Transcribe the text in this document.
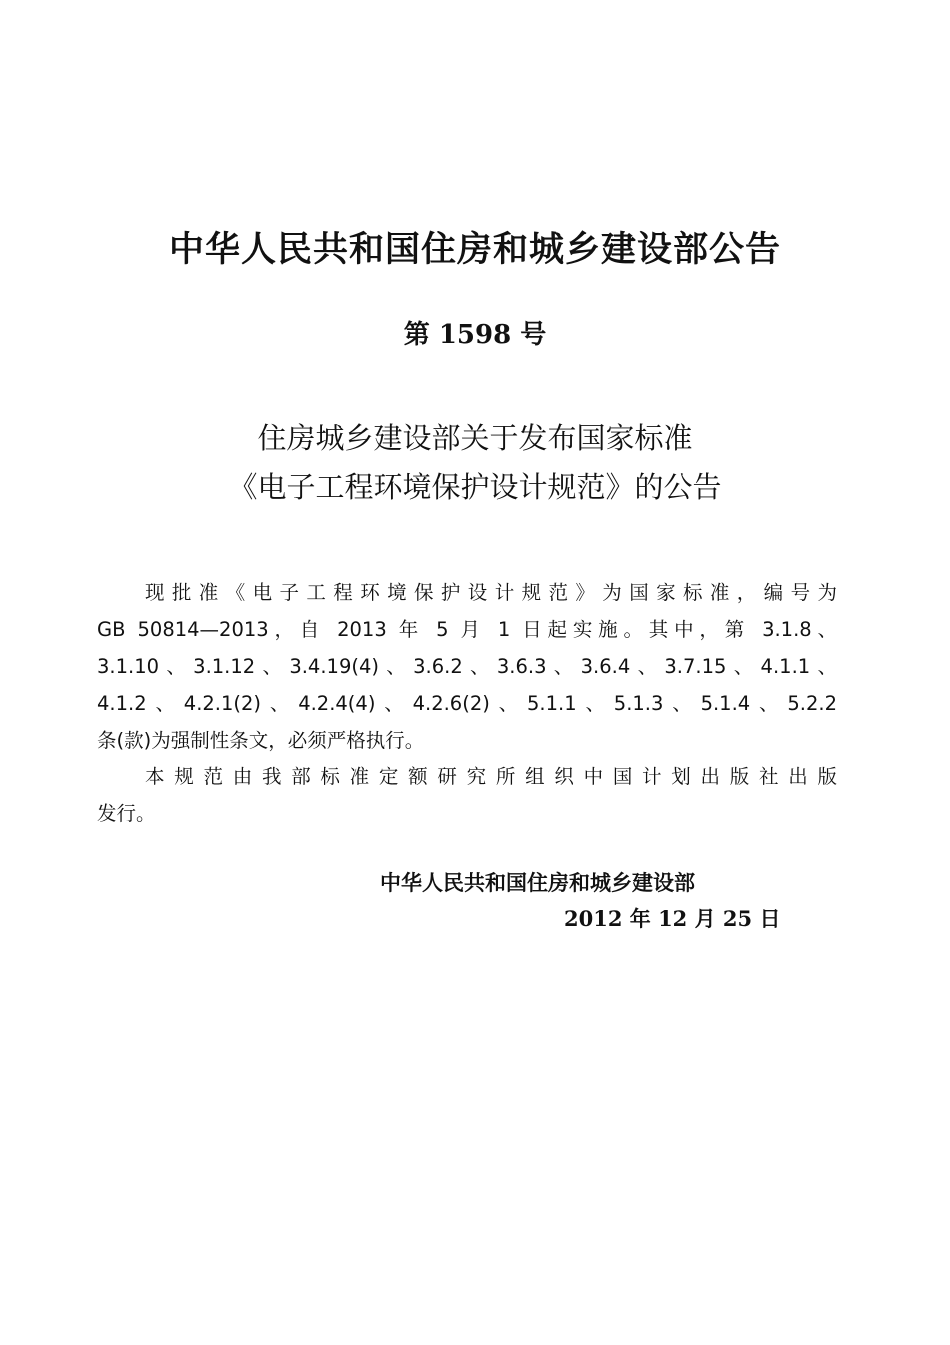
中华人民共和国住房和城乡建设部公告
第 1598 号
住房城乡建设部关于发布国家标准
《电子工程环境保护设计规范》的公告
现批准《电子工程环境保护设计规范》为国家标准，编号为
GB 50814—2013，自 2013 年 5 月 1 日起实施。其中，第 3.1.8、
3.1.10、3.1.12、3.4.19(4)、3.6.2、3.6.3、3.6.4、3.7.15、4.1.1、
4.1.2、4.2.1(2)、4.2.4(4)、4.2.6(2)、5.1.1、5.1.3、5.1.4、5.2.2
条(款)为强制性条文，必须严格执行。
本规范由我部标准定额研究所组织中国计划出版社出版
发行。
中华人民共和国住房和城乡建设部
2012 年 12 月 25 日
